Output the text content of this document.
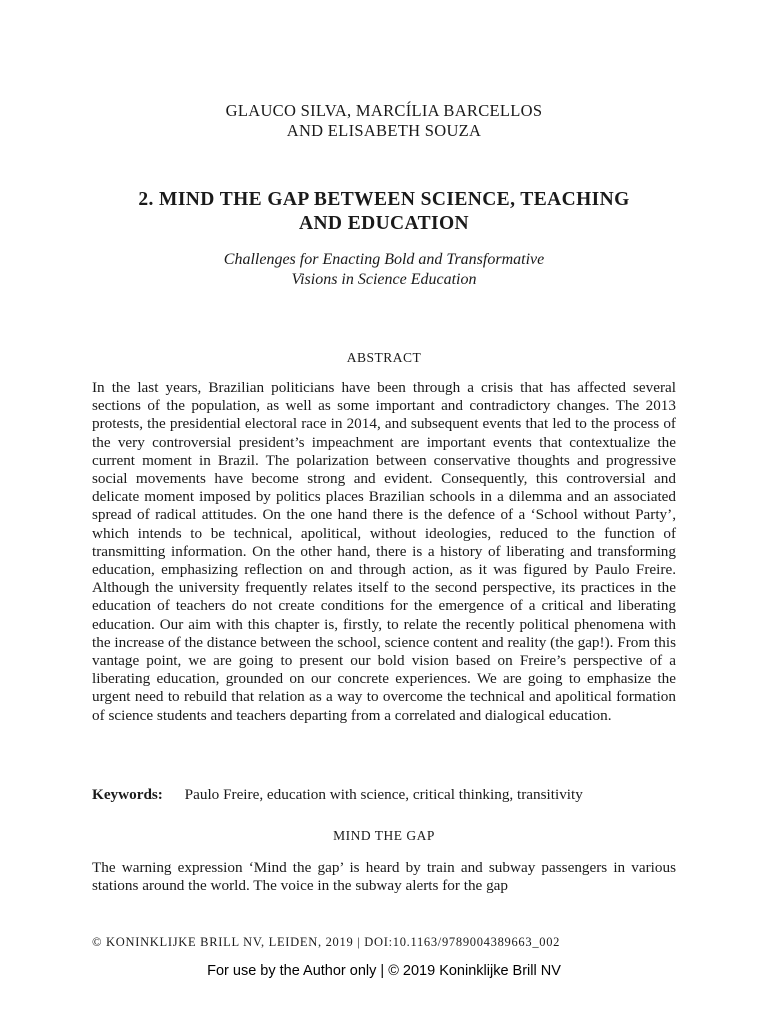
GLAUCO SILVA, MARCÍLIA BARCELLOS
AND ELISABETH SOUZA
2. MIND THE GAP BETWEEN SCIENCE, TEACHING
AND EDUCATION
Challenges for Enacting Bold and Transformative
Visions in Science Education
ABSTRACT

In the last years, Brazilian politicians have been through a crisis that has affected several sections of the population, as well as some important and contradictory changes. The 2013 protests, the presidential electoral race in 2014, and subsequent events that led to the process of the very controversial president’s impeachment are important events that contextualize the current moment in Brazil. The polarization between conservative thoughts and progressive social movements have become strong and evident. Consequently, this controversial and delicate moment imposed by politics places Brazilian schools in a dilemma and an associated spread of radical attitudes. On the one hand there is the defence of a ‘School without Party’, which intends to be technical, apolitical, without ideologies, reduced to the function of transmitting information. On the other hand, there is a history of liberating and transforming education, emphasizing reflection on and through action, as it was figured by Paulo Freire. Although the university frequently relates itself to the second perspective, its practices in the education of teachers do not create conditions for the emergence of a critical and liberating education. Our aim with this chapter is, firstly, to relate the recently political phenomena with the increase of the distance between the school, science content and reality (the gap!). From this vantage point, we are going to present our bold vision based on Freire’s perspective of a liberating education, grounded on our concrete experiences. We are going to emphasize the urgent need to rebuild that relation as a way to overcome the technical and apolitical formation of science students and teachers departing from a correlated and dialogical education.

Keywords: Paulo Freire, education with science, critical thinking, transitivity
MIND THE GAP

The warning expression ‘Mind the gap’ is heard by train and subway passengers in various stations around the world. The voice in the subway alerts for the gap

© KONINKLIJKE BRILL NV, LEIDEN, 2019 | DOI:10.1163/9789004389663_002
For use by the Author only | © 2019 Koninklijke Brill NV
